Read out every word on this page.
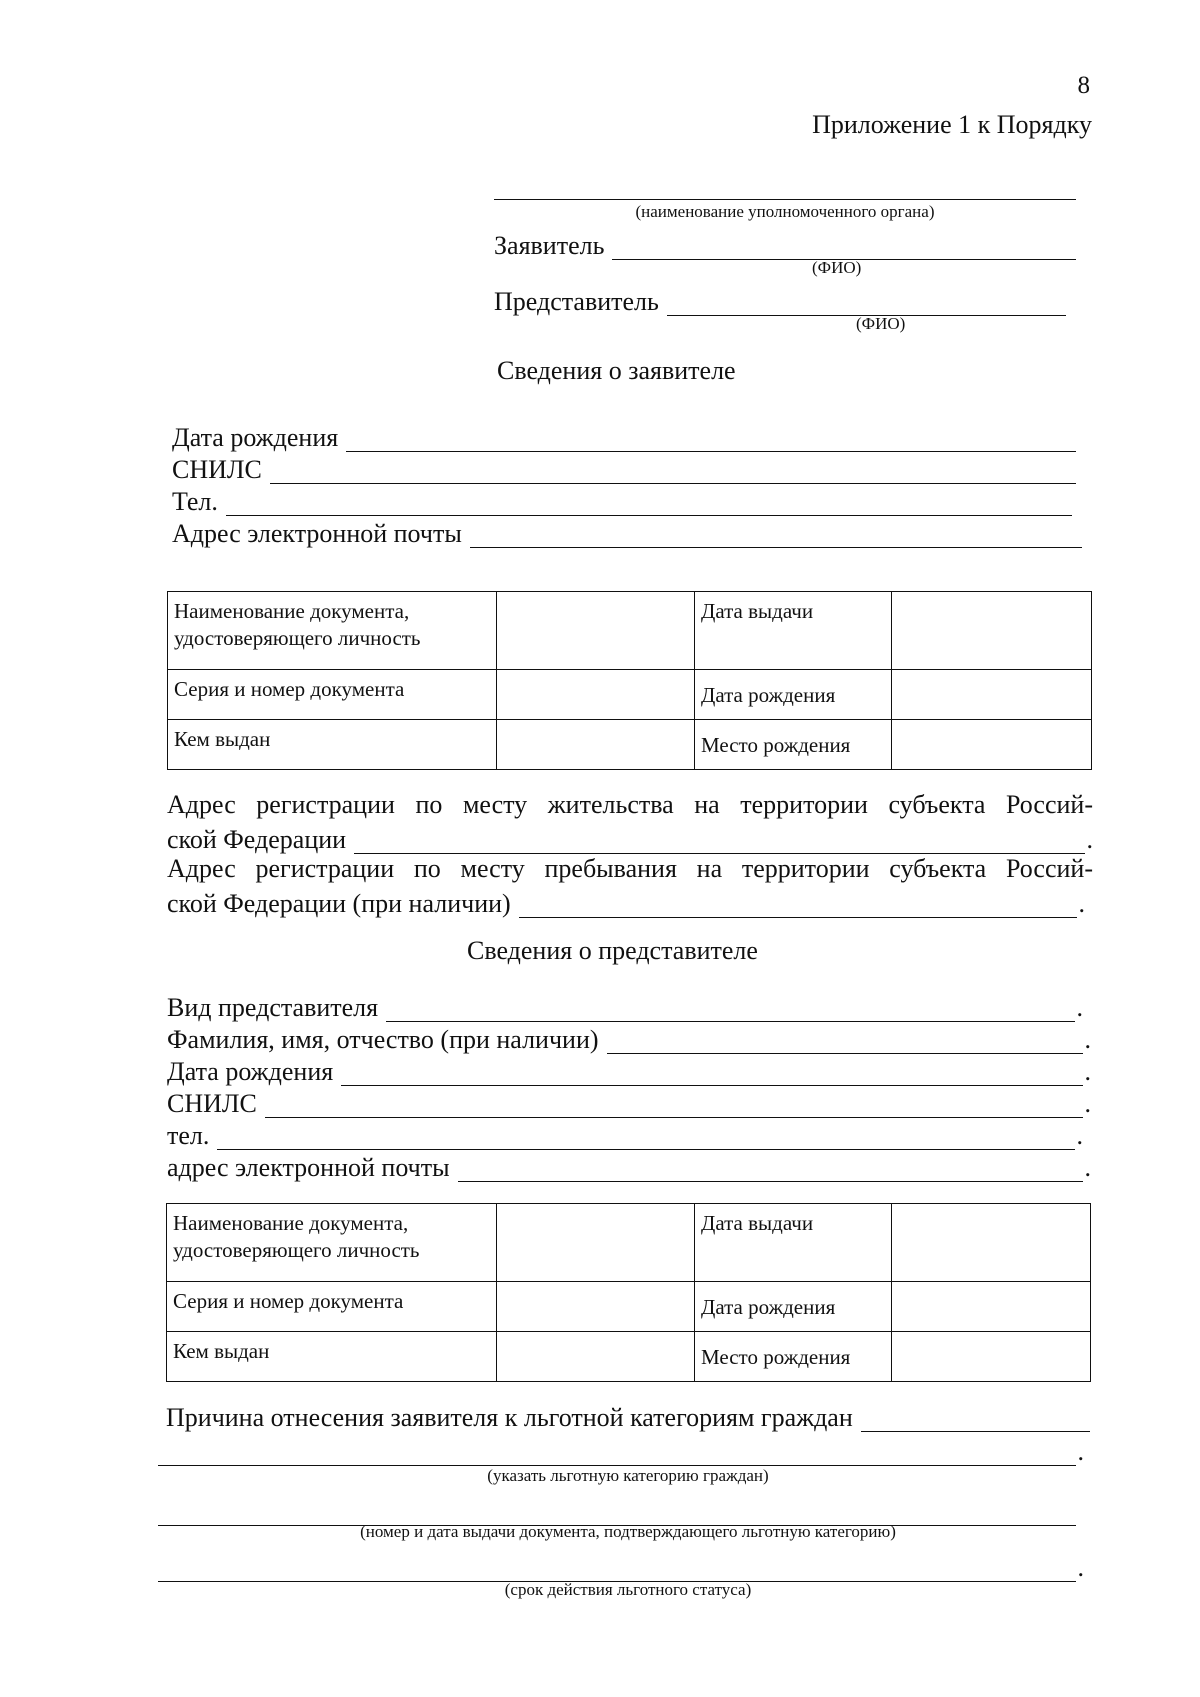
8
Приложение 1 к Порядку
(наименование уполномоченного органа)
Заявитель
(ФИО)
Представитель
(ФИО)
Сведения о заявителе
Дата рождения
СНИЛС
Тел.
Адрес электронной почты
Наименование документа, удостоверяющего личность		Дата выдачи	
Серия и номер документа		Дата рождения	
Кем выдан		Место рождения	
Адрес регистрации по месту жительства на территории субъекта Россий-
ской Федерации	.
Адрес регистрации по месту пребывания на территории субъекта Россий-
ской Федерации (при наличии)	.
Сведения о представителе
Вид представителя	.
Фамилия, имя, отчество (при наличии)	.
Дата рождения	.
СНИЛС	.
тел.	.
адрес электронной почты	.
Наименование документа, удостоверяющего личность		Дата выдачи	
Серия и номер документа		Дата рождения	
Кем выдан		Место рождения	
Причина отнесения заявителя к льготной категориям граждан
.
(указать льготную категорию граждан)
(номер и дата выдачи документа, подтверждающего льготную категорию)
.
(срок действия льготного статуса)
